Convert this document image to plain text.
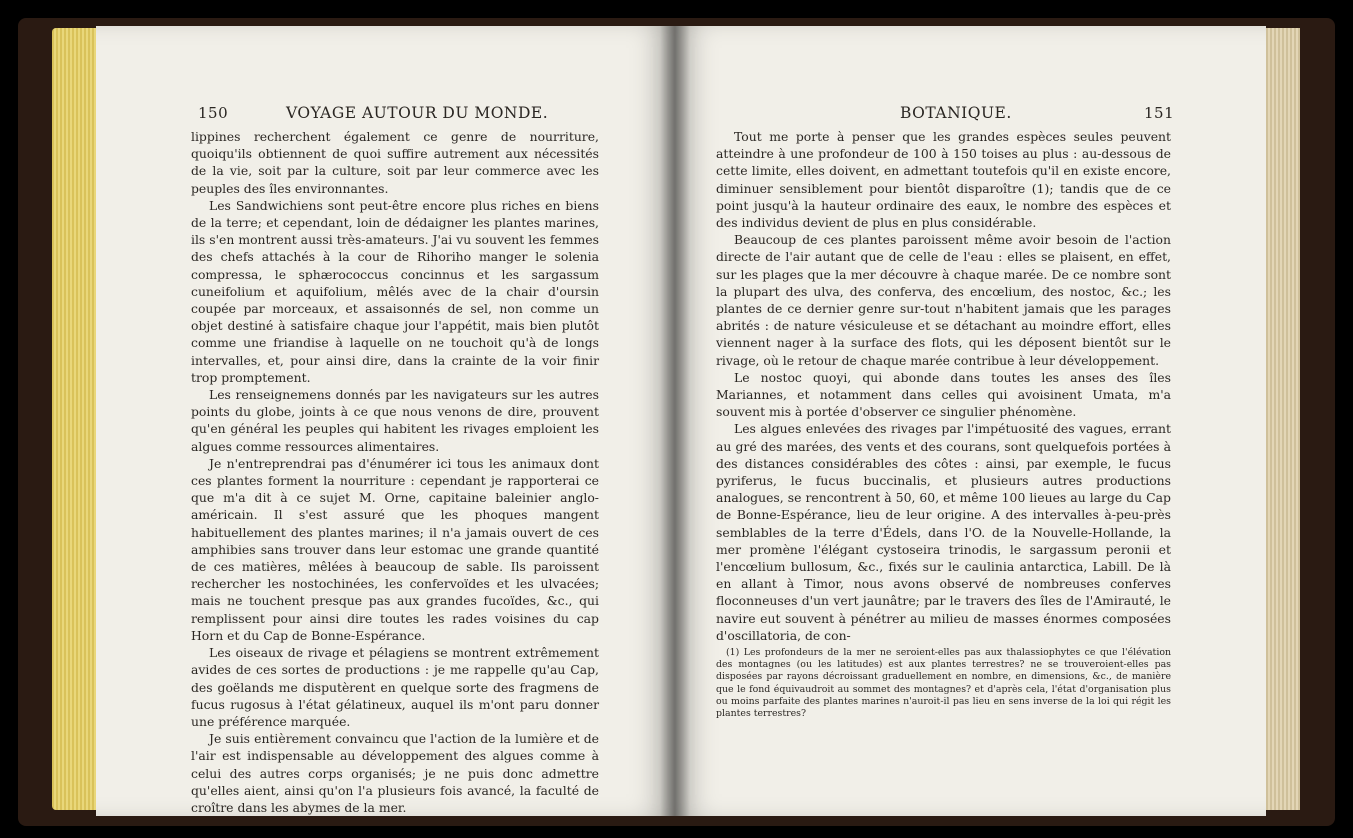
150	VOYAGE AUTOUR DU MONDE.

lippines recherchent également ce genre de nourriture, quoiqu'ils obtiennent de quoi suffire autrement aux nécessités de la vie, soit par la culture, soit par leur commerce avec les peuples des îles environnantes.

Les Sandwichiens sont peut-être encore plus riches en biens de la terre; et cependant, loin de dédaigner les plantes marines, ils s'en montrent aussi très-amateurs. J'ai vu souvent les femmes des chefs attachés à la cour de Rihoriho manger le solenia compressa, le sphærococcus concinnus et les sargassum cuneifolium et aquifolium, mêlés avec de la chair d'oursin coupée par morceaux, et assaisonnés de sel, non comme un objet destiné à satisfaire chaque jour l'appétit, mais bien plutôt comme une friandise à laquelle on ne touchoit qu'à de longs intervalles, et, pour ainsi dire, dans la crainte de la voir finir trop promptement.

Les renseignemens donnés par les navigateurs sur les autres points du globe, joints à ce que nous venons de dire, prouvent qu'en général les peuples qui habitent les rivages emploient les algues comme ressources alimentaires.

Je n'entreprendrai pas d'énumérer ici tous les animaux dont ces plantes forment la nourriture : cependant je rapporterai ce que m'a dit à ce sujet M. Orne, capitaine baleinier anglo-américain. Il s'est assuré que les phoques mangent habituellement des plantes marines; il n'a jamais ouvert de ces amphibies sans trouver dans leur estomac une grande quantité de ces matières, mêlées à beaucoup de sable. Ils paroissent rechercher les nostochinées, les confervoïdes et les ulvacées; mais ne touchent presque pas aux grandes fucoïdes, &c., qui remplissent pour ainsi dire toutes les rades voisines du cap Horn et du Cap de Bonne-Espérance.

Les oiseaux de rivage et pélagiens se montrent extrêmement avides de ces sortes de productions : je me rappelle qu'au Cap, des goëlands me disputèrent en quelque sorte des fragmens de fucus rugosus à l'état gélatineux, auquel ils m'ont paru donner une préférence marquée.

Je suis entièrement convaincu que l'action de la lumière et de l'air est indispensable au développement des algues comme à celui des autres corps organisés; je ne puis donc admettre qu'elles aient, ainsi qu'on l'a plusieurs fois avancé, la faculté de croître dans les abymes de la mer.

BOTANIQUE.	151

Tout me porte à penser que les grandes espèces seules peuvent atteindre à une profondeur de 100 à 150 toises au plus : au-dessous de cette limite, elles doivent, en admettant toutefois qu'il en existe encore, diminuer sensiblement pour bientôt disparoître (1); tandis que de ce point jusqu'à la hauteur ordinaire des eaux, le nombre des espèces et des individus devient de plus en plus considérable.

Beaucoup de ces plantes paroissent même avoir besoin de l'action directe de l'air autant que de celle de l'eau : elles se plaisent, en effet, sur les plages que la mer découvre à chaque marée. De ce nombre sont la plupart des ulva, des conferva, des encœlium, des nostoc, &c.; les plantes de ce dernier genre sur-tout n'habitent jamais que les parages abrités : de nature vésiculeuse et se détachant au moindre effort, elles viennent nager à la surface des flots, qui les déposent bientôt sur le rivage, où le retour de chaque marée contribue à leur développement.

Le nostoc quoyi, qui abonde dans toutes les anses des îles Mariannes, et notamment dans celles qui avoisinent Umata, m'a souvent mis à portée d'observer ce singulier phénomène.

Les algues enlevées des rivages par l'impétuosité des vagues, errant au gré des marées, des vents et des courans, sont quelquefois portées à des distances considérables des côtes : ainsi, par exemple, le fucus pyriferus, le fucus buccinalis, et plusieurs autres productions analogues, se rencontrent à 50, 60, et même 100 lieues au large du Cap de Bonne-Espérance, lieu de leur origine. A des intervalles à-peu-près semblables de la terre d'Édels, dans l'O. de la Nouvelle-Hollande, la mer promène l'élégant cystoseira trinodis, le sargassum peronii et l'encœlium bullosum, &c., fixés sur le caulinia antarctica, Labill. De là en allant à Timor, nous avons observé de nombreuses conferves floconneuses d'un vert jaunâtre; par le travers des îles de l'Amirauté, le navire eut souvent à pénétrer au milieu de masses énormes composées d'oscillatoria, de con-

(1) Les profondeurs de la mer ne seroient-elles pas aux thalassiophytes ce que l'élévation des montagnes (ou les latitudes) est aux plantes terrestres? ne se trouveroient-elles pas disposées par rayons décroissant graduellement en nombre, en dimensions, &c., de manière que le fond équivaudroit au sommet des montagnes? et d'après cela, l'état d'organisation plus ou moins parfaite des plantes marines n'auroit-il pas lieu en sens inverse de la loi qui régit les plantes terrestres?
